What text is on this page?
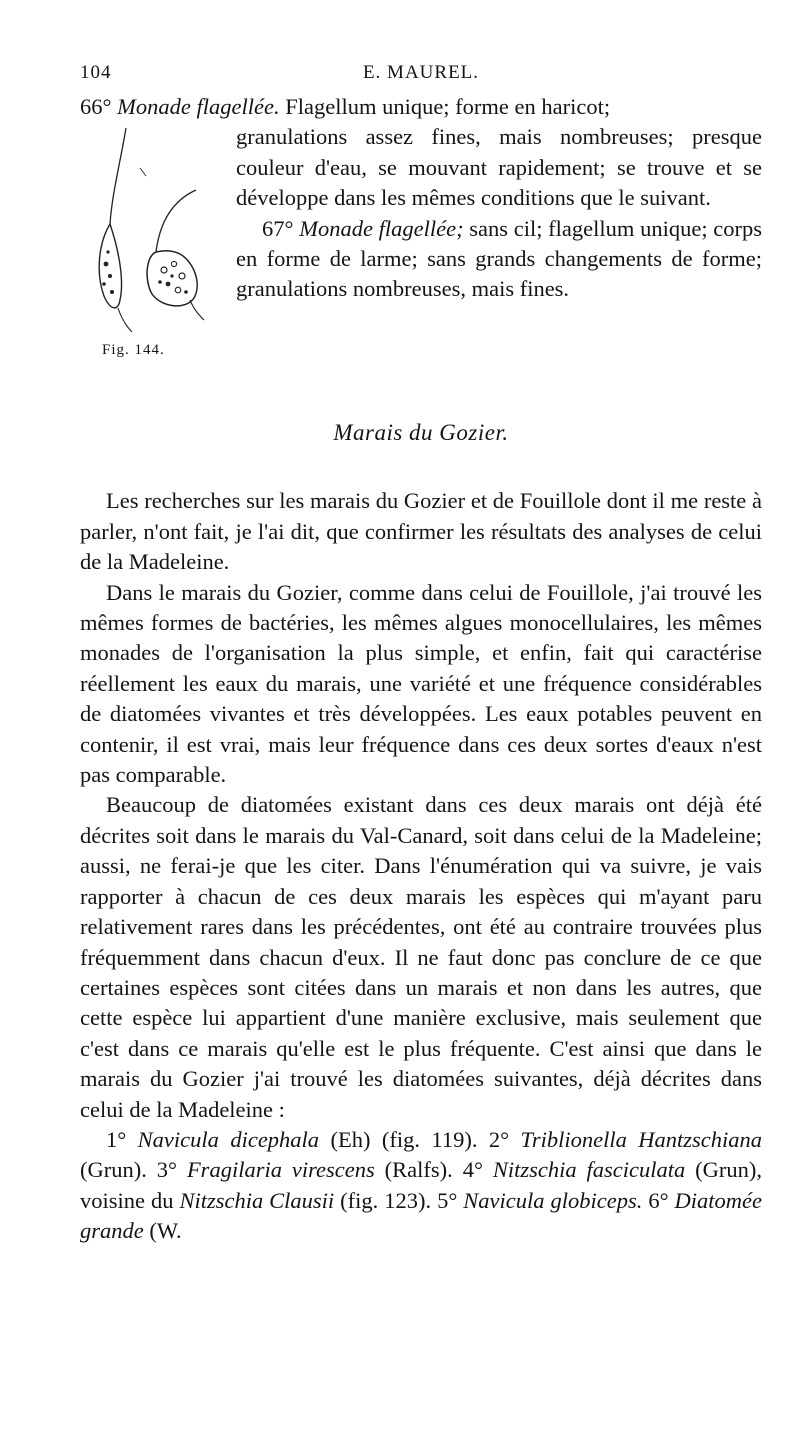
104	E. MAUREL.

66° Monade flagellée. Flagellum unique; forme en haricot;

Fig. 144.

granulations assez fines, mais nombreuses; presque couleur d'eau, se mouvant rapidement; se trouve et se développe dans les mêmes conditions que le suivant.

67° Monade flagellée; sans cil; flagellum unique; corps en forme de larme; sans grands changements de forme; granulations nombreuses, mais fines.

Marais du Gozier.

Les recherches sur les marais du Gozier et de Fouillole dont il me reste à parler, n'ont fait, je l'ai dit, que confirmer les résultats des analyses de celui de la Madeleine.

Dans le marais du Gozier, comme dans celui de Fouillole, j'ai trouvé les mêmes formes de bactéries, les mêmes algues monocellulaires, les mêmes monades de l'organisation la plus simple, et enfin, fait qui caractérise réellement les eaux du marais, une variété et une fréquence considérables de diatomées vivantes et très développées. Les eaux potables peuvent en contenir, il est vrai, mais leur fréquence dans ces deux sortes d'eaux n'est pas comparable.

Beaucoup de diatomées existant dans ces deux marais ont déjà été décrites soit dans le marais du Val-Canard, soit dans celui de la Madeleine; aussi, ne ferai-je que les citer. Dans l'énumération qui va suivre, je vais rapporter à chacun de ces deux marais les espèces qui m'ayant paru relativement rares dans les précédentes, ont été au contraire trouvées plus fréquemment dans chacun d'eux. Il ne faut donc pas conclure de ce que certaines espèces sont citées dans un marais et non dans les autres, que cette espèce lui appartient d'une manière exclusive, mais seulement que c'est dans ce marais qu'elle est le plus fréquente. C'est ainsi que dans le marais du Gozier j'ai trouvé les diatomées suivantes, déjà décrites dans celui de la Madeleine :

1° Navicula dicephala (Eh) (fig. 119). 2° Triblionella Hantzschiana (Grun). 3° Fragilaria virescens (Ralfs). 4° Nitzschia fasciculata (Grun), voisine du Nitzschia Clausii (fig. 123). 5° Navicula globiceps. 6° Diatomée grande (W.
